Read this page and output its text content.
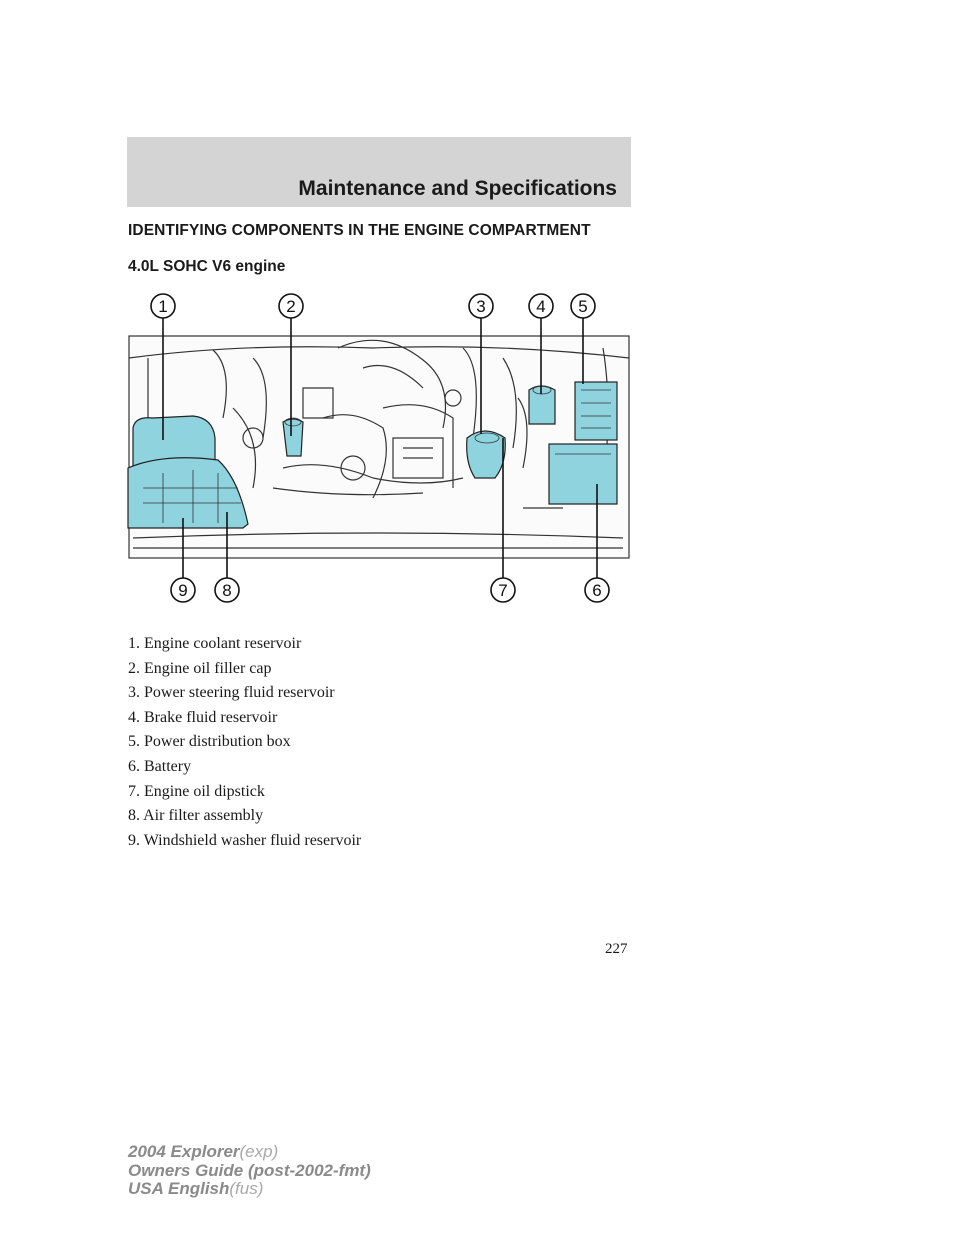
Maintenance and Specifications
IDENTIFYING COMPONENTS IN THE ENGINE COMPARTMENT
4.0L SOHC V6 engine
1	2	3	4 5
6
7
8
9
1. Engine coolant reservoir
2. Engine oil filler cap
3. Power steering fluid reservoir
4. Brake fluid reservoir
5. Power distribution box
6. Battery
7. Engine oil dipstick
8. Air filter assembly
9. Windshield washer fluid reservoir
227
2004 Explorer(exp)
Owners Guide (post-2002-fmt)
USA English(fus)
